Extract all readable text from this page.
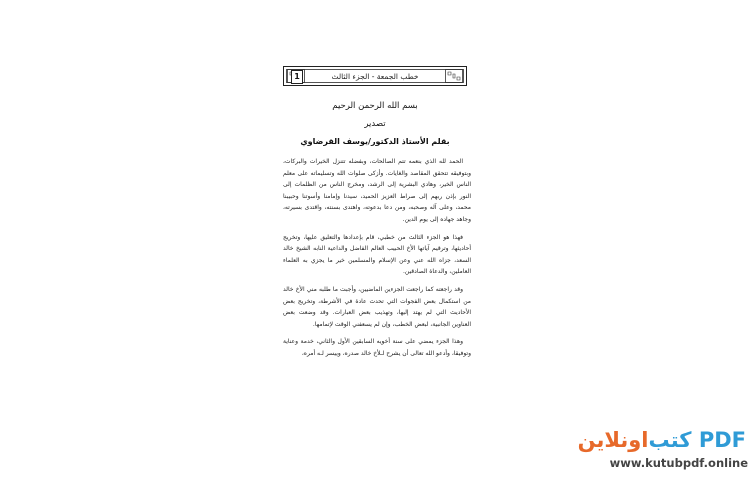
1	خطب الجمعة - الجزء الثالث
بسم الله الرحمن الرحيم
تصدير
بقلم الأستاذ الدكتور/يوسف القرضاوي

الحمد لله الذي بنعمه تتم الصالحات، وبفضله تتنزل الخيرات والبركات، وبتوفيقه تتحقق المقاصد والغايات. وأزكى صلوات الله وتسليماته على معلم الناس الخير، وهادي البشرية إلى الرشد، ومخرج الناس من الظلمات إلى النور بإذن ربهم إلى صراط العزيز الحميد، سيدنا وإمامنا وأسوتنا وحبيبنا محمد، وعلى آله وصحبه، ومن دعا بدعوته، واهتدى بسنته، واقتدى بسيرته، وجاهد جهاده إلى يوم الدين.

فهذا هو الجزء الثالث من خطبي، قام بإعدادها والتعليق عليها، وتخريج أحاديثها، وترقيم آياتها الأخ الحبيب العالم الفاضل والداعية النابه الشيخ خالد السعد، جزاه الله عني وعن الإسلام والمسلمين خير ما يجزي به العلماء العاملين، والدعاة الصادقين.

وقد راجعته كما راجعت الجزءين الماضيين، وأجبت ما طلبه مني الأخ خالد من استكمال بعض الفجوات التي تحدث عادة في الأشرطة، وتخريج بعض الأحاديث التي لم يهتد إليها، وتهذيب بعض العبارات. وقد وضعت بعض العناوين الجانبية، لبعض الخطب، وإن لم يسعفني الوقت لإتمامها.

وهذا الجزء يمضي على سنة أخويه السابقين الأول والثاني، خدمة وعناية وتوفيقا، وأدعو الله تعالى أن يشرح لـلأخ خالد صدره، وييسر لـه أمره،

اونلاين كتب PDF
www.kutubpdf.online
